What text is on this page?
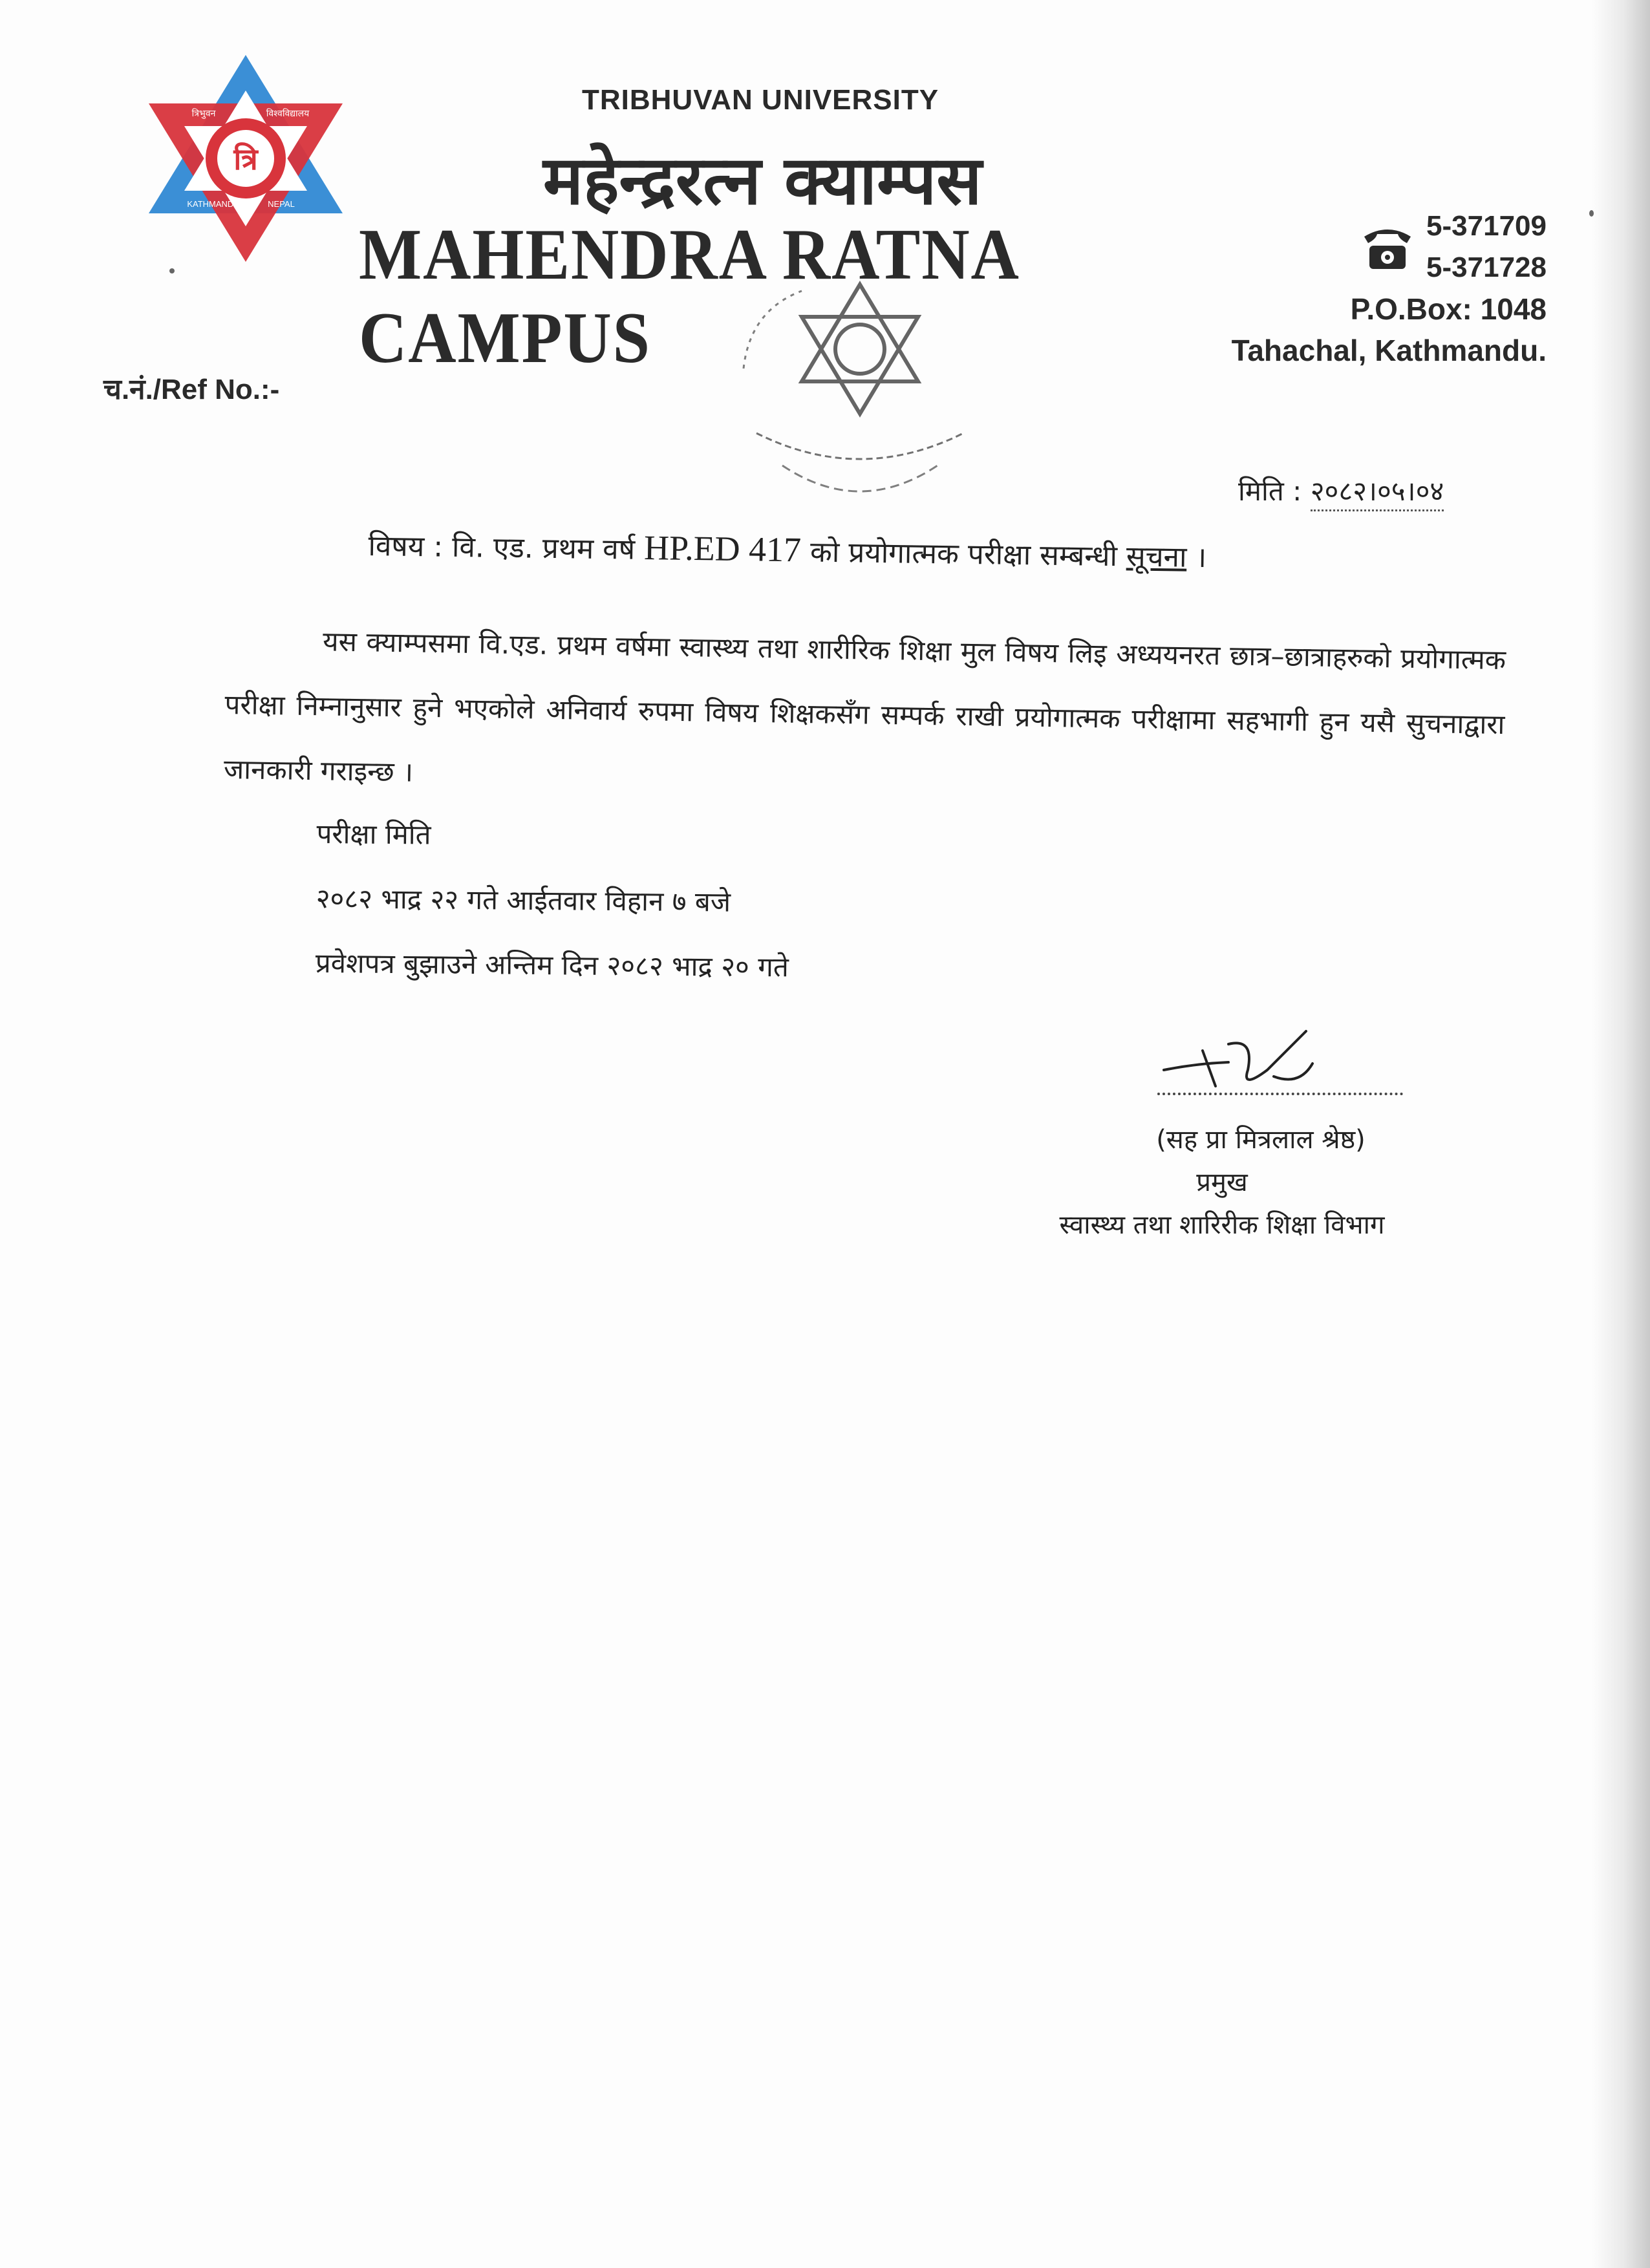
त्रि
त्रिभुवन	विश्वविद्यालय
KATHMANDU	NEPAL
TRIBHUVAN UNIVERSITY
महेन्द्ररत्न क्याम्पस
MAHENDRA RATNA CAMPUS
5-371709
5-371728
P.O.Box: 1048
Tahachal, Kathmandu.
च.नं./Ref No.:-
मिति : २०८२।०५।०४
विषय : वि. एड. प्रथम वर्ष HP.ED 417 को प्रयोगात्मक परीक्षा सम्बन्धी सूचना ।

यस क्याम्पसमा वि.एड. प्रथम वर्षमा स्वास्थ्य तथा शारीरिक शिक्षा मुल विषय लिइ अध्ययनरत छात्र–छात्राहरुको प्रयोगात्मक परीक्षा निम्नानुसार हुने भएकोले अनिवार्य रुपमा विषय शिक्षकसँग सम्पर्क राखी प्रयोगात्मक परीक्षामा सहभागी हुन यसै सुचनाद्वारा जानकारी गराइन्छ ।

परीक्षा मिति
२०८२ भाद्र २२ गते आईतवार विहान ७ बजे
प्रवेशपत्र बुझाउने अन्तिम दिन २०८२ भाद्र २० गते
(सह प्रा मित्रलाल श्रेष्ठ)
प्रमुख
स्वास्थ्य तथा शारिरीक शिक्षा विभाग
